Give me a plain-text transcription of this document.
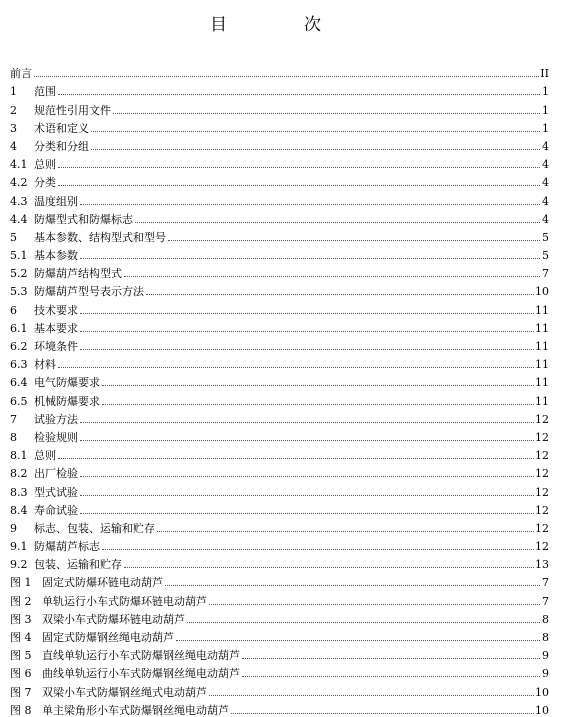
目　次
前言	II
1	范围	1
2	规范性引用文件	1
3	术语和定义	1
4	分类和分组	4
4.1 总则	4
4.2 分类	4
4.3 温度组别	4
4.4 防爆型式和防爆标志	4
5	基本参数、结构型式和型号	5
5.1 基本参数	5
5.2 防爆葫芦结构型式	7
5.3 防爆葫芦型号表示方法	10
6	技术要求	11
6.1 基本要求	11
6.2 环境条件	11
6.3 材料	11
6.4 电气防爆要求	11
6.5 机械防爆要求	11
7	试验方法	12
8	检验规则	12
8.1 总则	12
8.2 出厂检验	12
8.3 型式试验	12
8.4 寿命试验	12
9	标志、包装、运输和贮存	12
9.1 防爆葫芦标志	12
9.2 包装、运输和贮存	13
图 1 固定式防爆环链电动葫芦	7
图 2 单轨运行小车式防爆环链电动葫芦	7
图 3 双梁小车式防爆环链电动葫芦	8
图 4 固定式防爆钢丝绳电动葫芦	8
图 5 直线单轨运行小车式防爆钢丝绳电动葫芦	9
图 6 曲线单轨运行小车式防爆钢丝绳电动葫芦	9
图 7 双梁小车式防爆钢丝绳式电动葫芦	10
图 8 单主梁角形小车式防爆钢丝绳电动葫芦	10
